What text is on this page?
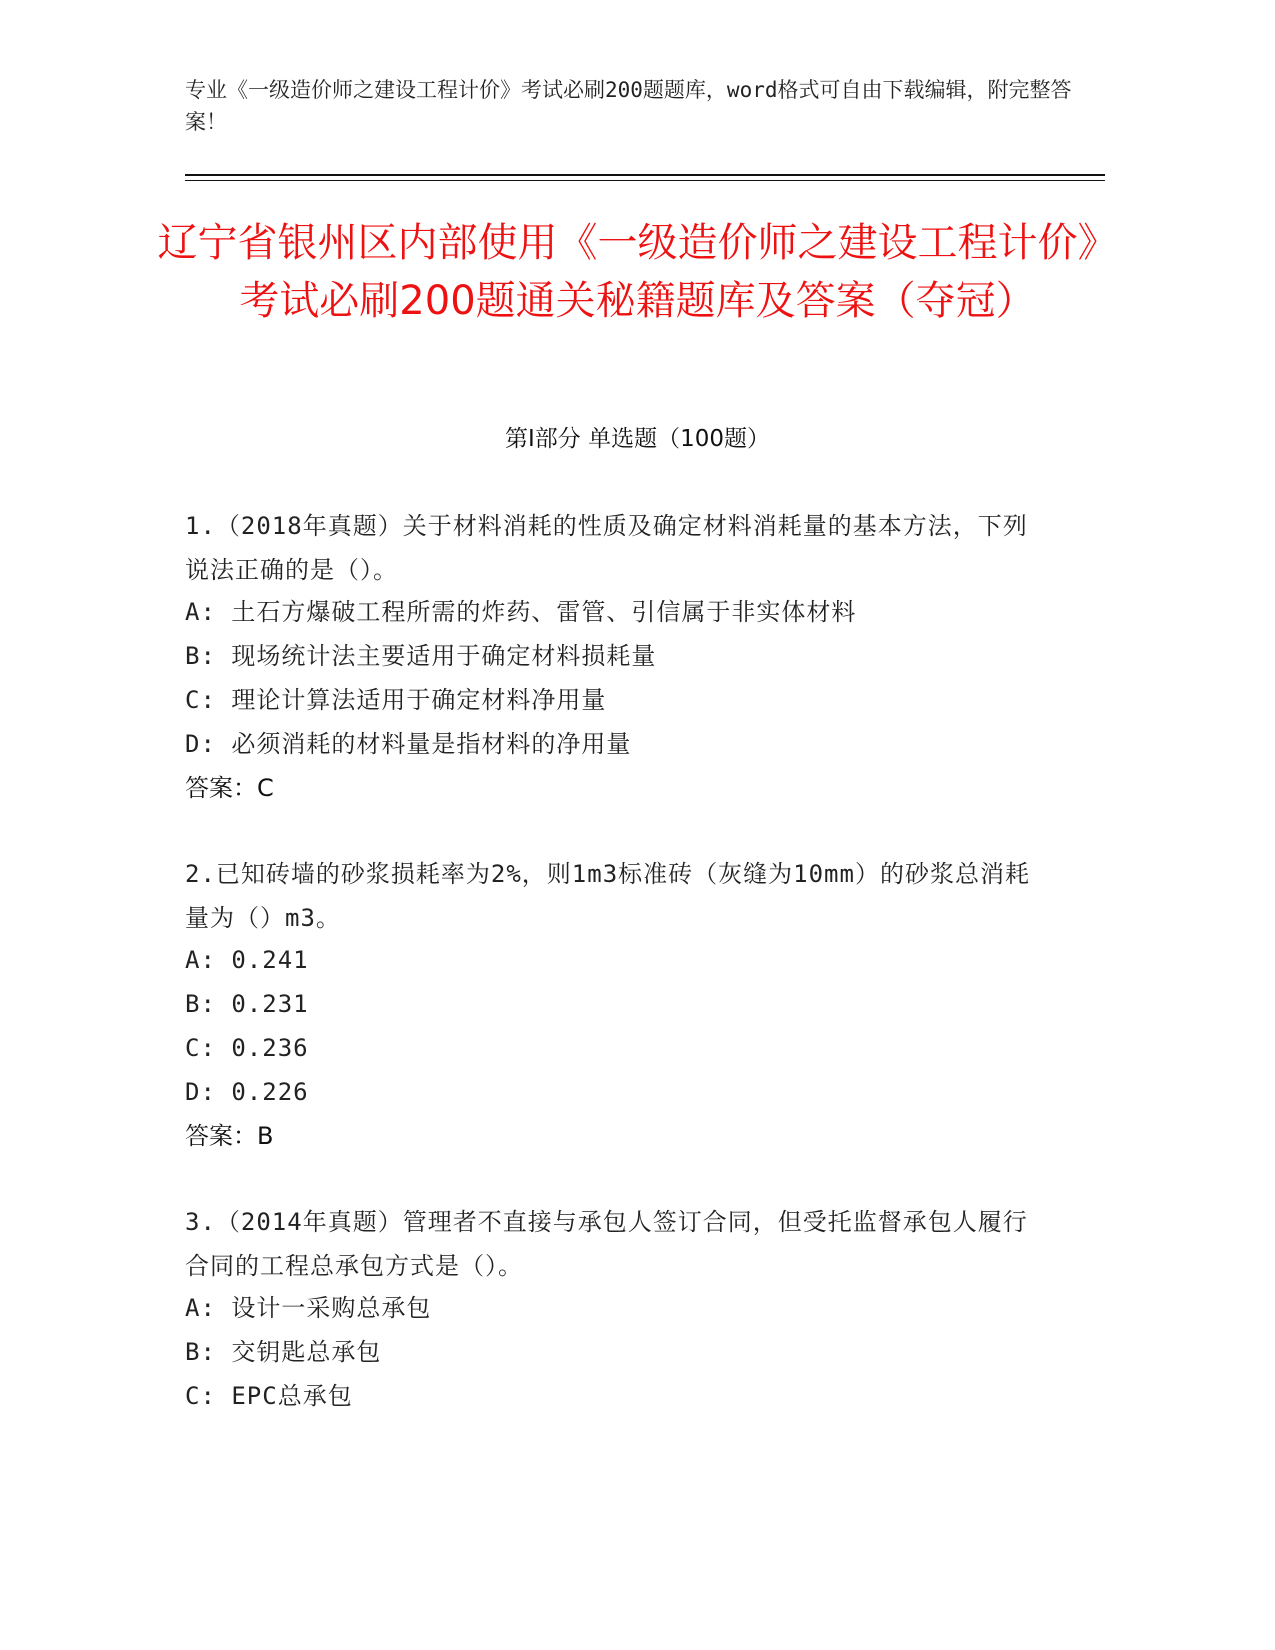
专业《一级造价师之建设工程计价》考试必刷200题题库，word格式可自由下载编辑，附完整答案！
辽宁省银州区内部使用《一级造价师之建设工程计价》考试必刷200题通关秘籍题库及答案（夺冠）
第I部分 单选题（100题）
1.（2018年真题）关于材料消耗的性质及确定材料消耗量的基本方法，下列说法正确的是（）。
A: 土石方爆破工程所需的炸药、雷管、引信属于非实体材料
B: 现场统计法主要适用于确定材料损耗量
C: 理论计算法适用于确定材料净用量
D: 必须消耗的材料量是指材料的净用量
答案：C
2.已知砖墙的砂浆损耗率为2%，则1m3标准砖（灰缝为10mm）的砂浆总消耗量为（）m3。
A: 0.241
B: 0.231
C: 0.236
D: 0.226
答案：B
3.（2014年真题）管理者不直接与承包人签订合同，但受托监督承包人履行合同的工程总承包方式是（）。
A: 设计一采购总承包
B: 交钥匙总承包
C: EPC总承包
